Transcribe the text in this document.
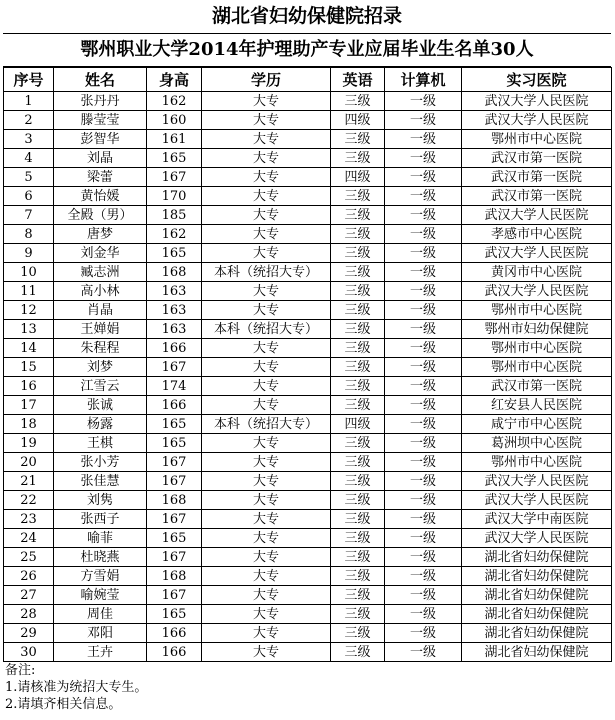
湖北省妇幼保健院招录
鄂州职业大学2014年护理助产专业应届毕业生名单30人
序号	姓名	身高	学历	英语	计算机	实习医院
1	张丹丹	162	大专	三级	一级	武汉大学人民医院
2	滕莹莹	160	大专	四级	一级	武汉大学人民医院
3	彭智华	161	大专	三级	一级	鄂州市中心医院
4	刘晶	165	大专	三级	一级	武汉市第一医院
5	梁蕾	167	大专	四级	一级	武汉市第一医院
6	黄怡媛	170	大专	三级	一级	武汉市第一医院
7	全殿（男）	185	大专	三级	一级	武汉大学人民医院
8	唐梦	162	大专	三级	一级	孝感市中心医院
9	刘金华	165	大专	三级	一级	武汉大学人民医院
10	臧志洲	168	本科（统招大专）	三级	一级	黄冈市中心医院
11	高小林	163	大专	三级	一级	武汉大学人民医院
12	肖晶	163	大专	三级	一级	鄂州市中心医院
13	王婵娟	163	本科（统招大专）	三级	一级	鄂州市妇幼保健院
14	朱程程	166	大专	三级	一级	鄂州市中心医院
15	刘梦	167	大专	三级	一级	鄂州市中心医院
16	江雪云	174	大专	三级	一级	武汉市第一医院
17	张诚	166	大专	三级	一级	红安县人民医院
18	杨露	165	本科（统招大专）	四级	一级	咸宁市中心医院
19	王棋	165	大专	三级	一级	葛洲坝中心医院
20	张小芳	167	大专	三级	一级	鄂州市中心医院
21	张佳慧	167	大专	三级	一级	武汉大学人民医院
22	刘隽	168	大专	三级	一级	武汉大学人民医院
23	张西子	167	大专	三级	一级	武汉大学中南医院
24	喻菲	165	大专	三级	一级	武汉大学人民医院
25	杜晓燕	167	大专	三级	一级	湖北省妇幼保健院
26	方雪娟	168	大专	三级	一级	湖北省妇幼保健院
27	喻婉莹	167	大专	三级	一级	湖北省妇幼保健院
28	周佳	165	大专	三级	一级	湖北省妇幼保健院
29	邓阳	166	大专	三级	一级	湖北省妇幼保健院
30	王卉	166	大专	三级	一级	湖北省妇幼保健院
备注:
1.请核准为统招大专生。
2.请填齐相关信息。
